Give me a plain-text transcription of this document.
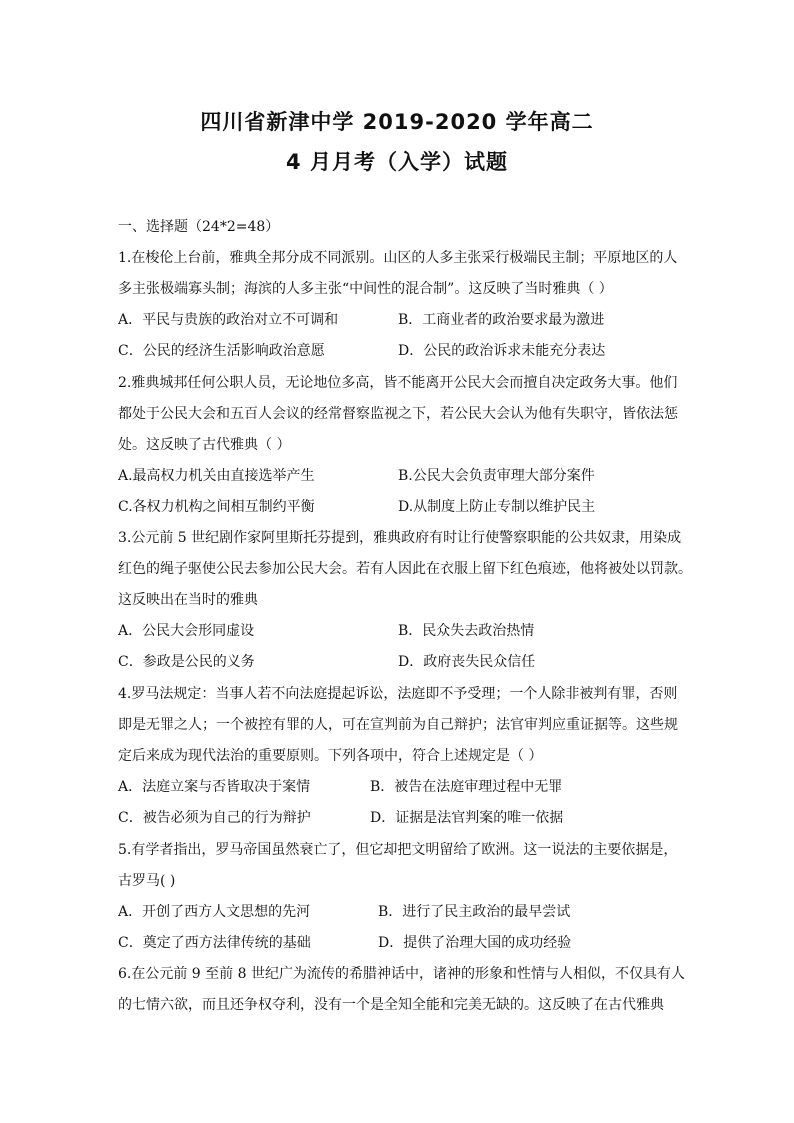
四川省新津中学 2019-2020 学年高二
4 月月考（入学）试题
一、选择题（24*2=48）
1.在梭伦上台前，雅典全邦分成不同派别。山区的人多主张采行极端民主制；平原地区的人
多主张极端寡头制；海滨的人多主张“中间性的混合制”。这反映了当时雅典（ ）
A．平民与贵族的政治对立不可调和	B．工商业者的政治要求最为激进
C．公民的经济生活影响政治意愿	D．公民的政治诉求未能充分表达
2.雅典城邦任何公职人员，无论地位多高，皆不能离开公民大会而擅自决定政务大事。他们
都处于公民大会和五百人会议的经常督察监视之下，若公民大会认为他有失职守，皆依法惩
处。这反映了古代雅典（ ）
A.最高权力机关由直接选举产生	B.公民大会负责审理大部分案件
C.各权力机构之间相互制约平衡	D.从制度上防止专制以维护民主
3.公元前 5 世纪剧作家阿里斯托芬提到，雅典政府有时让行使警察职能的公共奴隶，用染成
红色的绳子驱使公民去参加公民大会。若有人因此在衣服上留下红色痕迹，他将被处以罚款。
这反映出在当时的雅典
A．公民大会形同虚设	B．民众失去政治热情
C．参政是公民的义务	D．政府丧失民众信任
4.罗马法规定：当事人若不向法庭提起诉讼，法庭即不予受理；一个人除非被判有罪，否则
即是无罪之人；一个被控有罪的人，可在宣判前为自己辩护；法官审判应重证据等。这些规
定后来成为现代法治的重要原则。下列各项中，符合上述规定是（ ）
A．法庭立案与否皆取决于案情	B．被告在法庭审理过程中无罪
C．被告必须为自己的行为辩护	D．证据是法官判案的唯一依据
5.有学者指出，罗马帝国虽然衰亡了，但它却把文明留给了欧洲。这一说法的主要依据是，
古罗马( )
A．开创了西方人文思想的先河	B．进行了民主政治的最早尝试
C．奠定了西方法律传统的基础	D．提供了治理大国的成功经验
6.在公元前 9 至前 8 世纪广为流传的希腊神话中，诸神的形象和性情与人相似，不仅具有人
的七情六欲，而且还争权夺利，没有一个是全知全能和完美无缺的。这反映了在古代雅典
